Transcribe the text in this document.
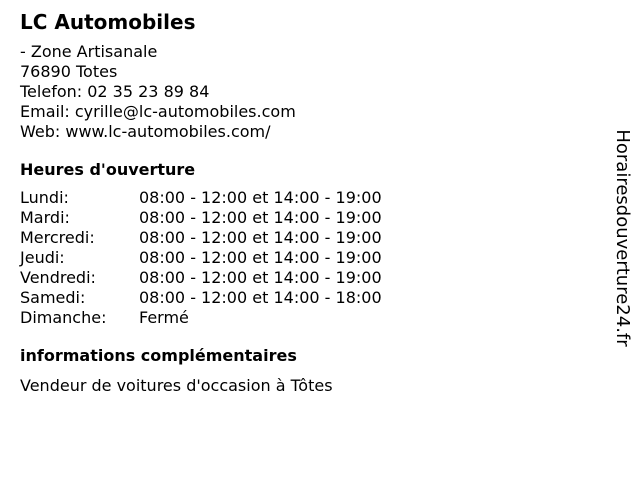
LC Automobiles
- Zone Artisanale
76890 Totes
Telefon: 02 35 23 89 84
Email: cyrille@lc-automobiles.com
Web: www.lc-automobiles.com/
Heures d'ouverture
Lundi:	08:00 - 12:00 et 14:00 - 19:00
Mardi:	08:00 - 12:00 et 14:00 - 19:00
Mercredi:	08:00 - 12:00 et 14:00 - 19:00
Jeudi:	08:00 - 12:00 et 14:00 - 19:00
Vendredi:	08:00 - 12:00 et 14:00 - 19:00
Samedi:	08:00 - 12:00 et 14:00 - 18:00
Dimanche:	Fermé
informations complémentaires
Vendeur de voitures d'occasion à Tôtes
Horairesdouverture24.fr
